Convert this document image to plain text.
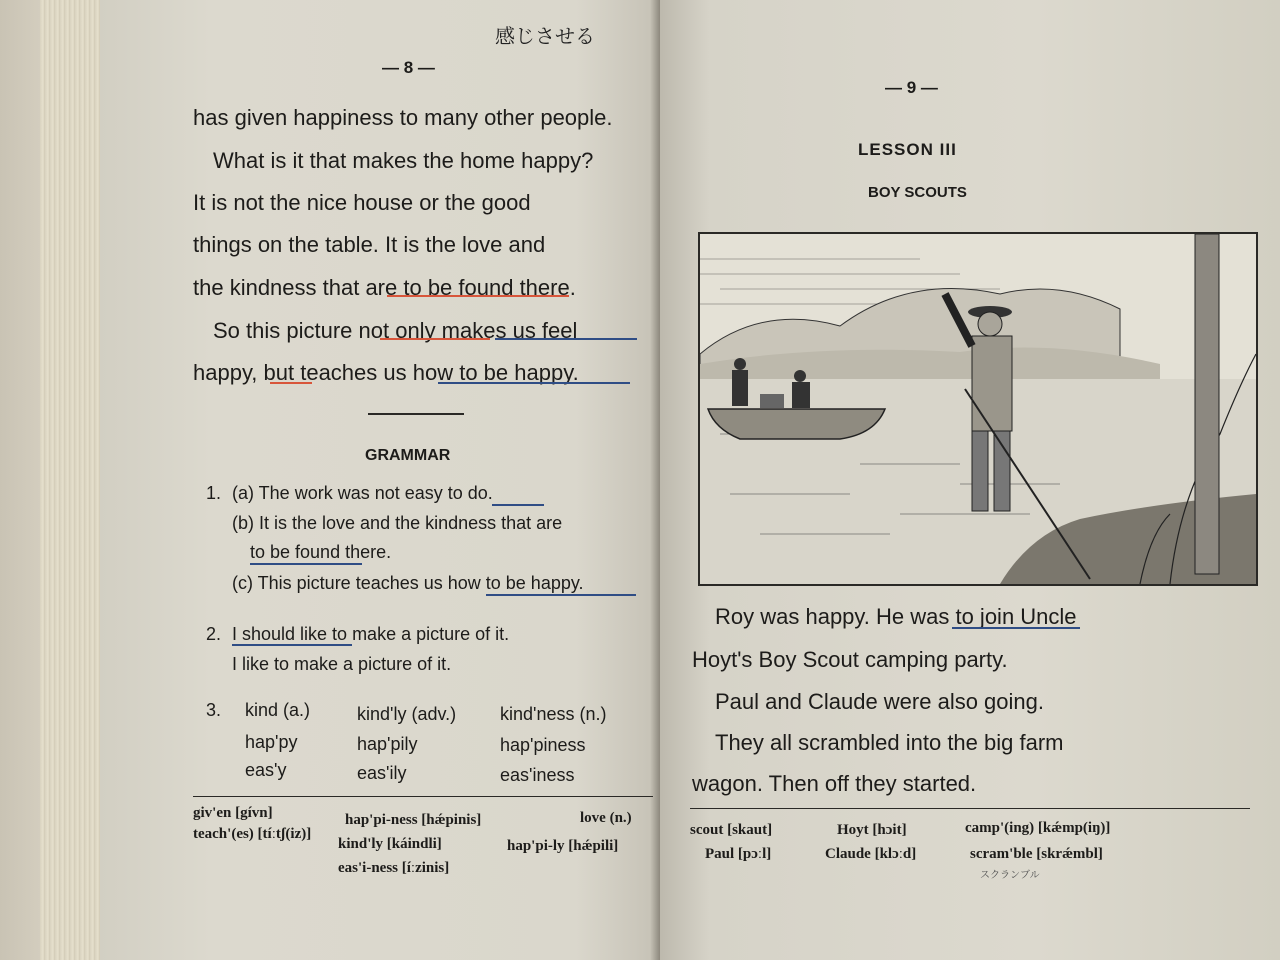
感じさせる
— 8 —
has given happiness to many other people.
What is it that makes the home happy?
It is not the nice house or the good
things on the table. It is the love and
the kindness that are to be found there.
So this picture not only makes us feel
happy, but teaches us how to be happy.
GRAMMAR
1. (a) The work was not easy to do.
(b) It is the love and the kindness that are
to be found there.
(c) This picture teaches us how to be happy.
2. I should like to make a picture of it.
I like to make a picture of it.
3. kind (a.)	kind'ly (adv.) kind'ness (n.)
hap'py	hap'pily	hap'piness
eas'y	eas'ily	eas'iness
giv'en [gívn]	hap'pi-ness [hǽpinis]	love (n.)
teach'(es) [tíːtʃ(iz)]
kind'ly [káindli]	hap'pi-ly [hǽpili]
eas'i-ness [íːzinis]
— 9 —
LESSON III
BOY SCOUTS
Roy was happy. He was to join Uncle
Hoyt's Boy Scout camping party.
Paul and Claude were also going.
They all scrambled into the big farm
wagon. Then off they started.
scout [skaut]	Hoyt [hɔit]	camp'(ing) [kǽmp(iŋ)]
Paul [pɔːl]	Claude [klɔːd]	scram'ble [skrǽmbl]
スクランブル
